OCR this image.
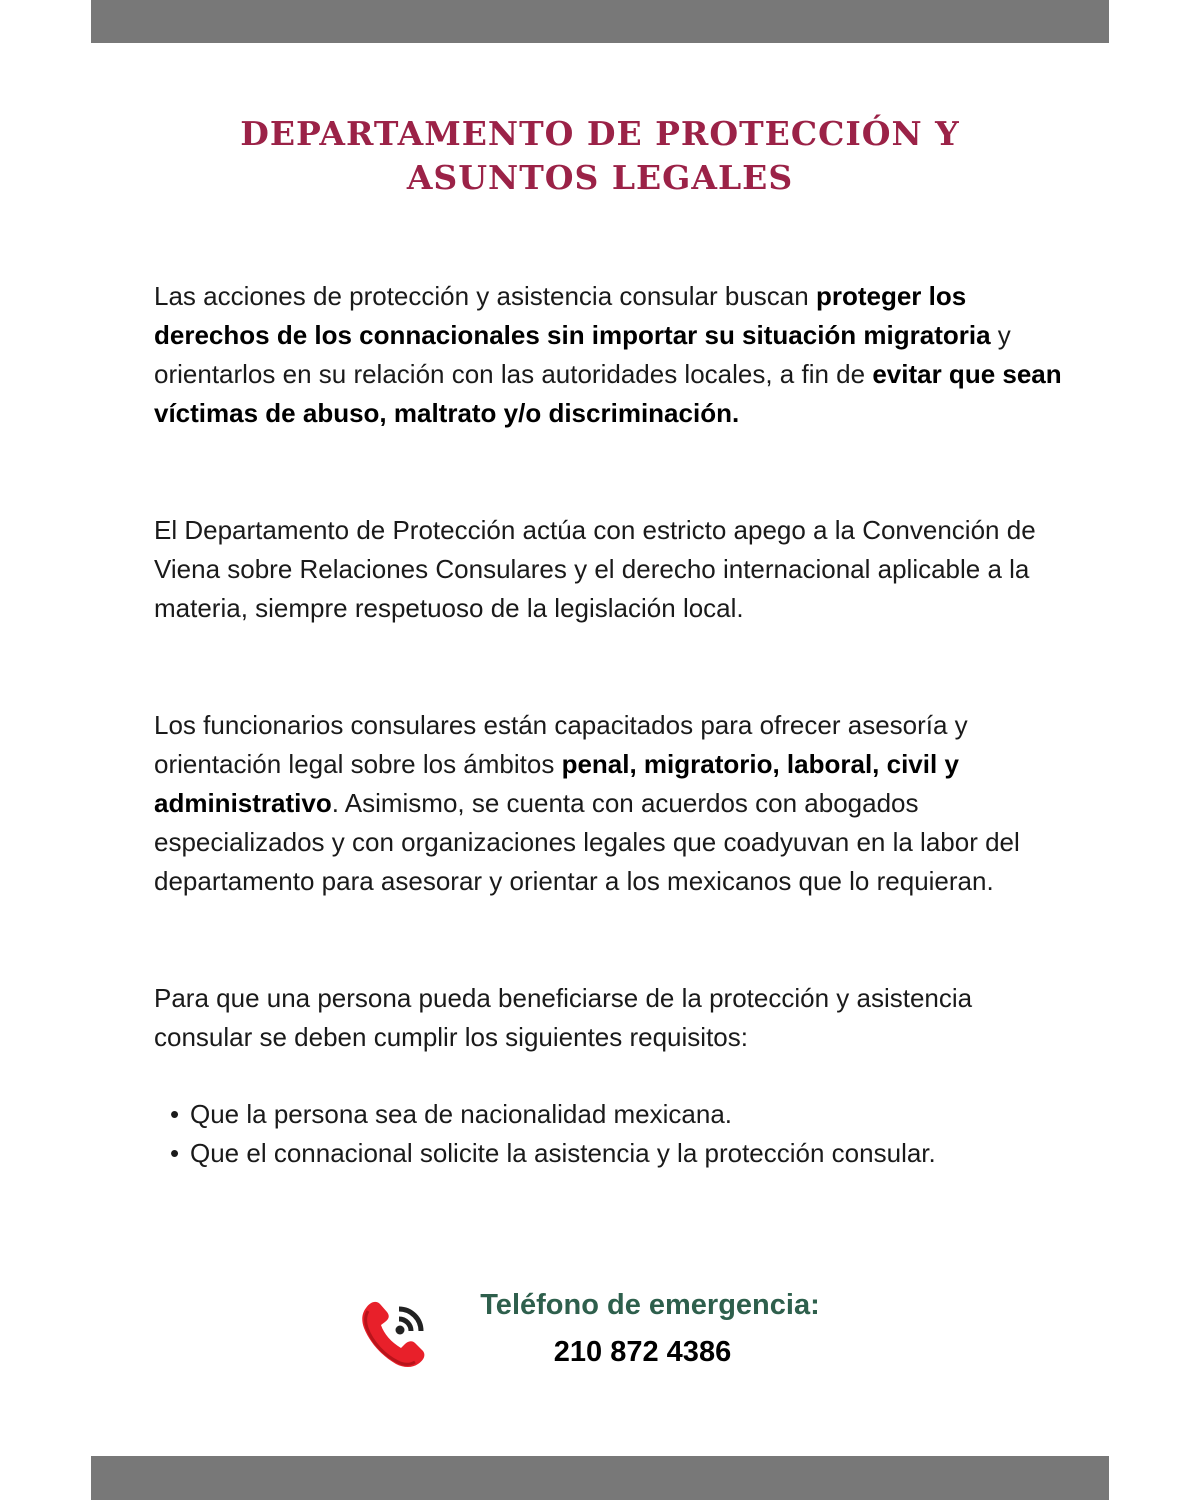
DEPARTAMENTO DE PROTECCIÓN Y
ASUNTOS LEGALES

Las acciones de protección y asistencia consular buscan proteger los derechos de los connacionales sin importar su situación migratoria y orientarlos en su relación con las autoridades locales, a fin de evitar que sean víctimas de abuso, maltrato y/o discriminación.

El Departamento de Protección actúa con estricto apego a la Convención de Viena sobre Relaciones Consulares y el derecho internacional aplicable a la materia, siempre respetuoso de la legislación local.

Los funcionarios consulares están capacitados para ofrecer asesoría y orientación legal sobre los ámbitos penal, migratorio, laboral, civil y administrativo. Asimismo, se cuenta con acuerdos con abogados especializados y con organizaciones legales que coadyuvan en la labor del departamento para asesorar y orientar a los mexicanos que lo requieran.

Para que una persona pueda beneficiarse de la protección y asistencia consular se deben cumplir los siguientes requisitos:

• Que la persona sea de nacionalidad mexicana.
• Que el connacional solicite la asistencia y la protección consular.
Teléfono de emergencia:
210 872 4386
